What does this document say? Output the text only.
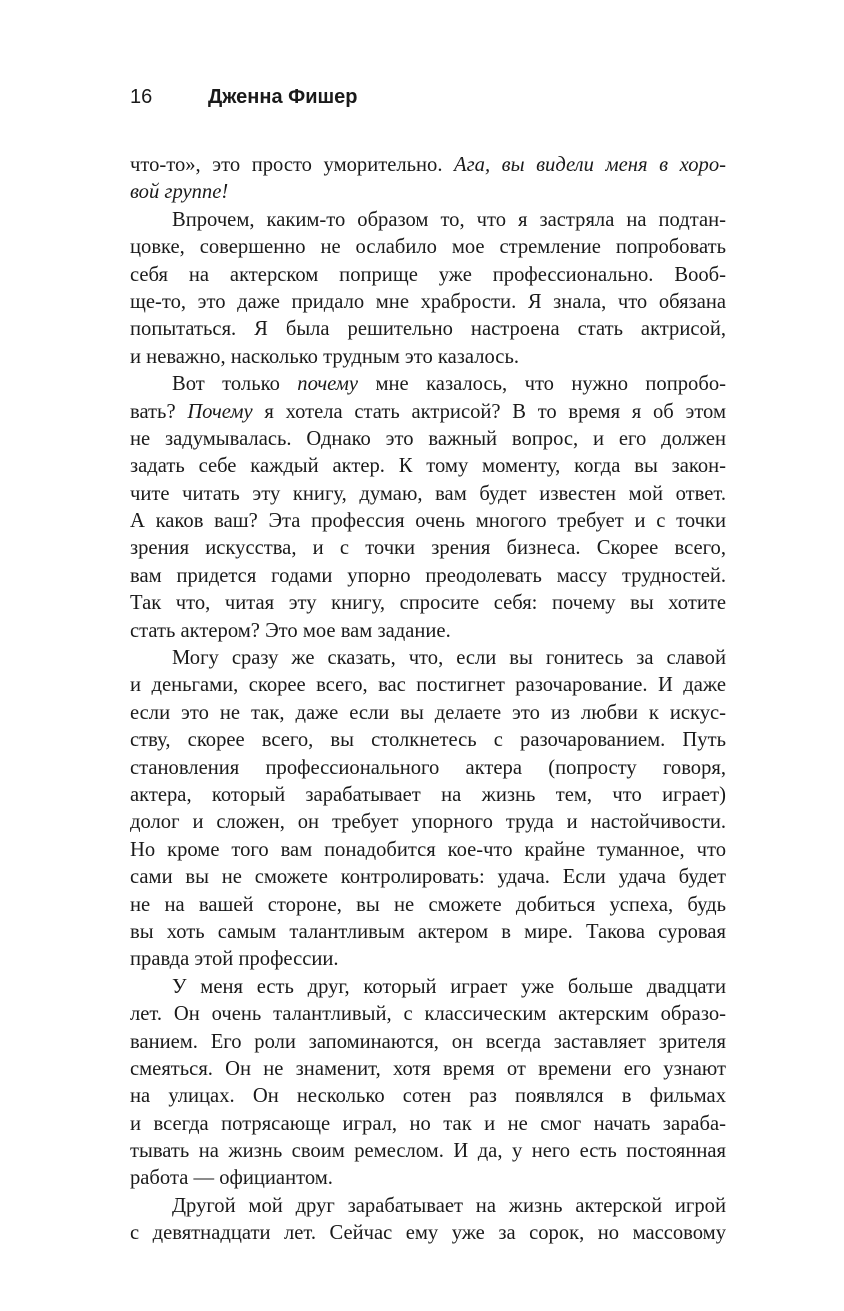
16	Дженна Фишер
что-то», это просто уморительно. Ага, вы видели меня в хоро-
вой группе!
Впрочем, каким-то образом то, что я застряла на подтан-
цовке, совершенно не ослабило мое стремление попробовать
себя на актерском поприще уже профессионально. Вооб-
ще-то, это даже придало мне храбрости. Я знала, что обязана
попытаться. Я была решительно настроена стать актрисой,
и неважно, насколько трудным это казалось.
Вот только почему мне казалось, что нужно попробо-
вать? Почему я хотела стать актрисой? В то время я об этом
не задумывалась. Однако это важный вопрос, и его должен
задать себе каждый актер. К тому моменту, когда вы закон-
чите читать эту книгу, думаю, вам будет известен мой ответ.
А каков ваш? Эта профессия очень многого требует и с точки
зрения искусства, и с точки зрения бизнеса. Скорее всего,
вам придется годами упорно преодолевать массу трудностей.
Так что, читая эту книгу, спросите себя: почему вы хотите
стать актером? Это мое вам задание.
Могу сразу же сказать, что, если вы гонитесь за славой
и деньгами, скорее всего, вас постигнет разочарование. И даже
если это не так, даже если вы делаете это из любви к искус-
ству, скорее всего, вы столкнетесь с разочарованием. Путь
становления профессионального актера (попросту говоря,
актера, который зарабатывает на жизнь тем, что играет)
долог и сложен, он требует упорного труда и настойчивости.
Но кроме того вам понадобится кое-что крайне туманное, что
сами вы не сможете контролировать: удача. Если удача будет
не на вашей стороне, вы не сможете добиться успеха, будь
вы хоть самым талантливым актером в мире. Такова суровая
правда этой профессии.
У меня есть друг, который играет уже больше двадцати
лет. Он очень талантливый, с классическим актерским образо-
ванием. Его роли запоминаются, он всегда заставляет зрителя
смеяться. Он не знаменит, хотя время от времени его узнают
на улицах. Он несколько сотен раз появлялся в фильмах
и всегда потрясающе играл, но так и не смог начать зараба-
тывать на жизнь своим ремеслом. И да, у него есть постоянная
работа — официантом.
Другой мой друг зарабатывает на жизнь актерской игрой
с девятнадцати лет. Сейчас ему уже за сорок, но массовому
